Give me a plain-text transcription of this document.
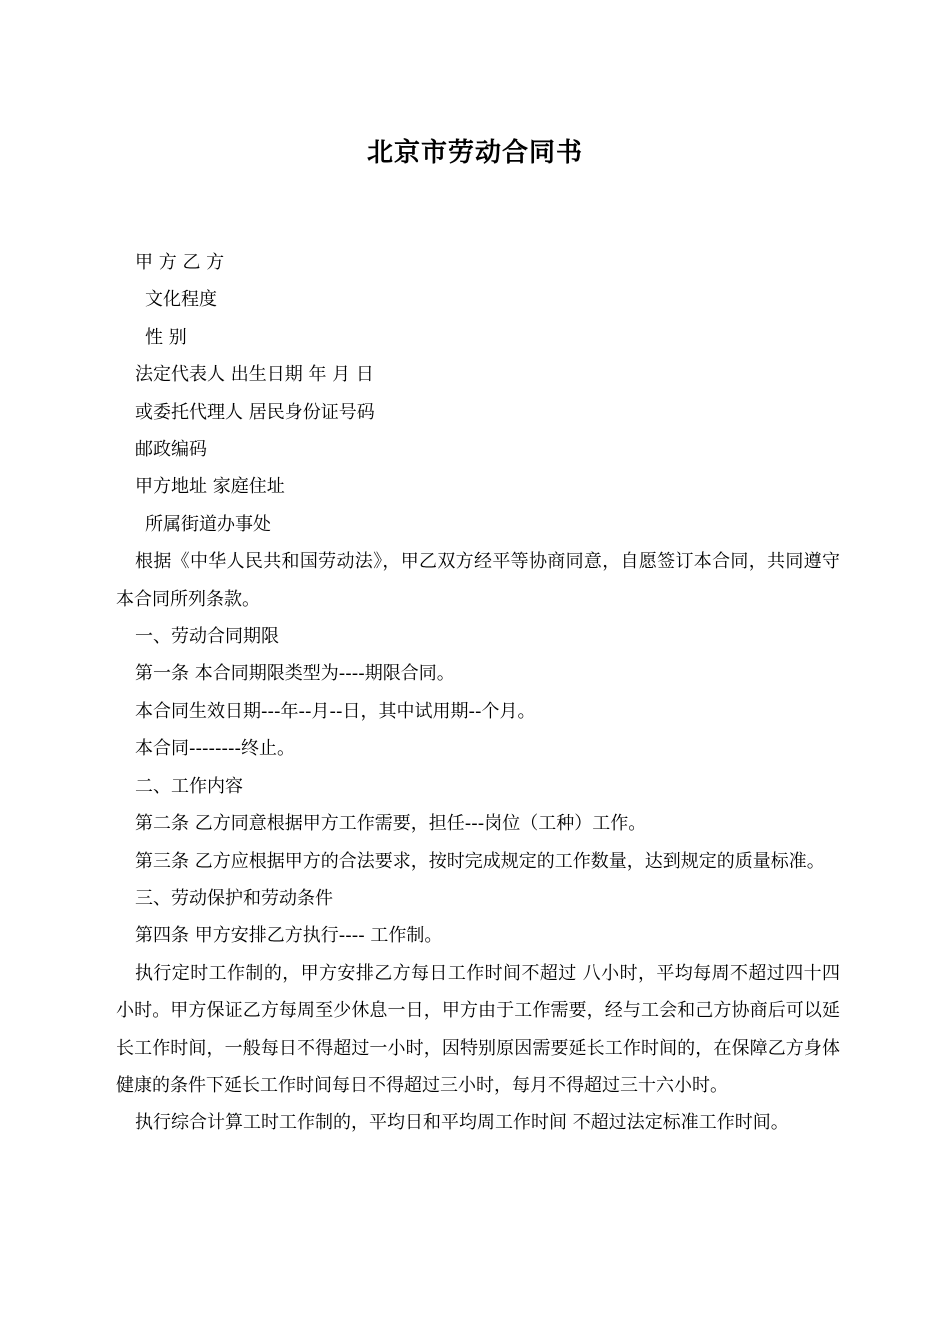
北京市劳动合同书
甲 方 乙 方
文化程度
性 别
法定代表人 出生日期 年 月 日
或委托代理人 居民身份证号码
邮政编码
甲方地址 家庭住址
所属街道办事处

根据《中华人民共和国劳动法》，甲乙双方经平等协商同意，自愿签订本合同，共同遵守本合同所列条款。

一、劳动合同期限
第一条 本合同期限类型为----期限合同。
本合同生效日期---年--月--日，其中试用期--个月。
本合同--------终止。
二、工作内容
第二条 乙方同意根据甲方工作需要，担任---岗位（工种）工作。

第三条 乙方应根据甲方的合法要求，按时完成规定的工作数量，达到规定的质量标准。

三、劳动保护和劳动条件
第四条 甲方安排乙方执行---- 工作制。

执行定时工作制的，甲方安排乙方每日工作时间不超过 八小时，平均每周不超过四十四小时。甲方保证乙方每周至少休息一日，甲方由于工作需要，经与工会和己方协商后可以延长工作时间，一般每日不得超过一小时，因特别原因需要延长工作时间的，在保障乙方身体健康的条件下延长工作时间每日不得超过三小时，每月不得超过三十六小时。

执行综合计算工时工作制的，平均日和平均周工作时间 不超过法定标准工作时间。
